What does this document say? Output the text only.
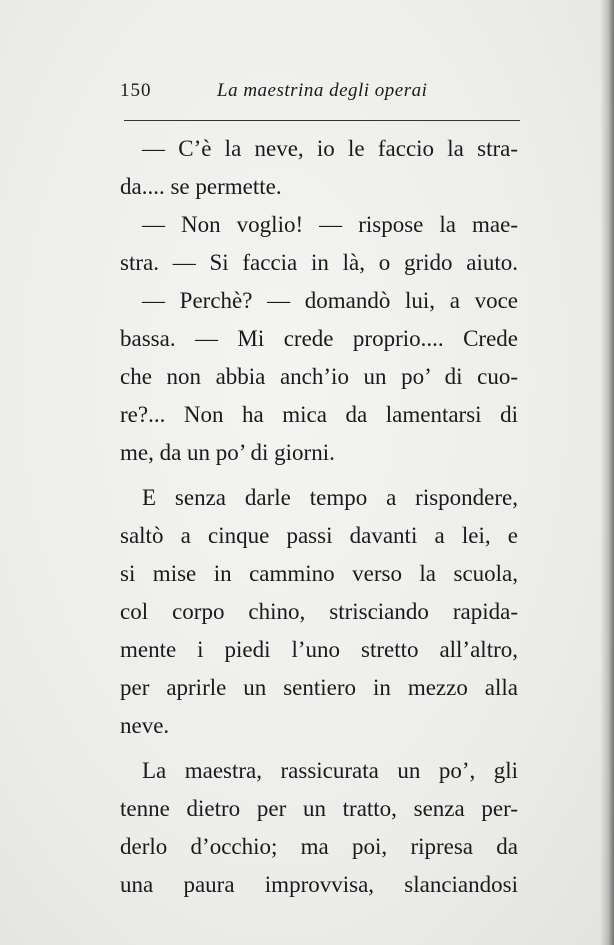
150	La maestrina degli operai
— C’è la neve, io le faccio la stra-
da.... se permette.
— Non voglio! — rispose la mae-
stra. — Si faccia in là, o grido aiuto.
— Perchè? — domandò lui, a voce
bassa. — Mi crede proprio.... Crede
che non abbia anch’io un po’ di cuo-
re?... Non ha mica da lamentarsi di
me, da un po’ di giorni.
E senza darle tempo a rispondere,
saltò a cinque passi davanti a lei, e
si mise in cammino verso la scuola,
col corpo chino, strisciando rapida-
mente i piedi l’uno stretto all’altro,
per aprirle un sentiero in mezzo alla
neve.
La maestra, rassicurata un po’, gli
tenne dietro per un tratto, senza per-
derlo d’occhio; ma poi, ripresa da
una paura improvvisa, slanciandosi
